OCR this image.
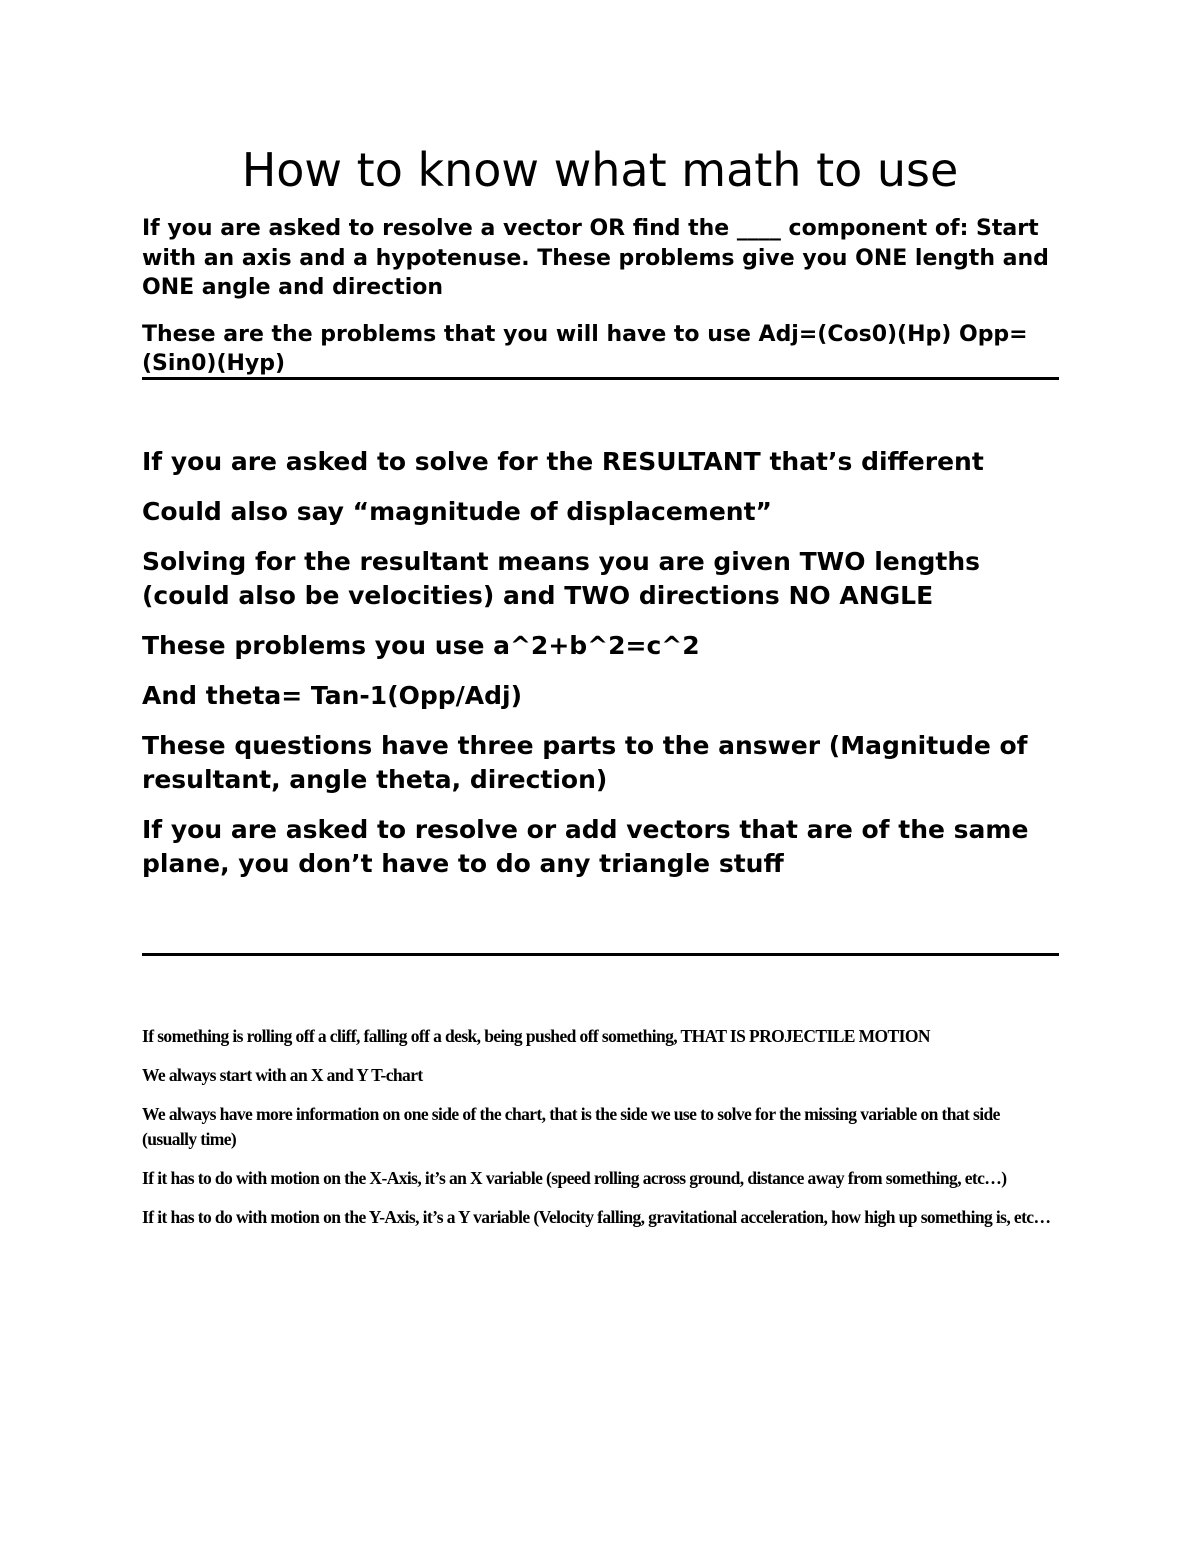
How to know what math to use

If you are asked to resolve a vector OR find the ____ component of: Start with an axis and a hypotenuse. These problems give you ONE length and ONE angle and direction

These are the problems that you will have to use Adj=(Cos0)(Hp) Opp=(Sin0)(Hyp)

If you are asked to solve for the RESULTANT that’s different

Could also say “magnitude of displacement”

Solving for the resultant means you are given TWO lengths (could also be velocities) and TWO directions NO ANGLE

These problems you use a^2+b^2=c^2

And theta= Tan-1(Opp/Adj)

These questions have three parts to the answer (Magnitude of resultant, angle theta, direction)

If you are asked to resolve or add vectors that are of the same plane, you don’t have to do any triangle stuff

If something is rolling off a cliff, falling off a desk, being pushed off something, THAT IS PROJECTILE MOTION

We always start with an X and Y T-chart

We always have more information on one side of the chart, that is the side we use to solve for the missing variable on that side (usually time)

If it has to do with motion on the X-Axis, it’s an X variable (speed rolling across ground, distance away from something, etc…)

If it has to do with motion on the Y-Axis, it’s a Y variable (Velocity falling, gravitational acceleration, how high up something is, etc…
